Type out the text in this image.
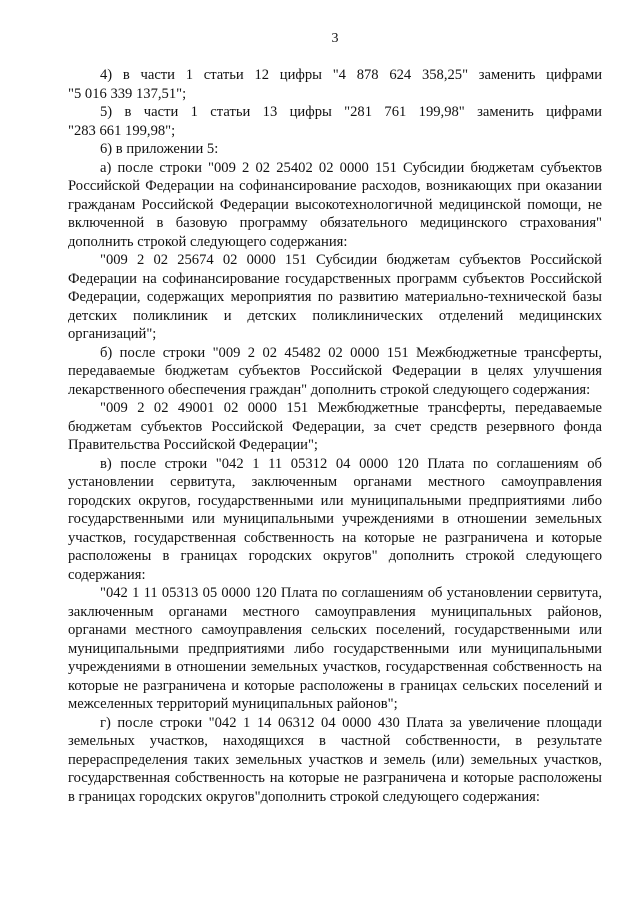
3

4) в части 1 статьи 12 цифры "4 878 624 358,25" заменить цифрами

"5 016 339 137,51";

5) в части 1 статьи 13 цифры "281 761 199,98" заменить цифрами

"283 661 199,98";

6) в приложении 5:

а) после строки "009 2 02 25402 02 0000 151 Субсидии бюджетам субъектов Российской Федерации на софинансирование расходов, возникающих при оказании гражданам Российской Федерации высокотехнологичной медицинской помощи, не включенной в базовую программу обязательного медицинского страхования" дополнить строкой следующего содержания:

"009 2 02 25674 02 0000 151 Субсидии бюджетам субъектов Российской Федерации на софинансирование государственных программ субъектов Российской Федерации, содержащих мероприятия по развитию материально-технической базы детских поликлиник и детских поликлинических отделений медицинских организаций";

б) после строки "009 2 02 45482 02 0000 151 Межбюджетные трансферты, передаваемые бюджетам субъектов Российской Федерации в целях улучшения лекарственного обеспечения граждан" дополнить строкой следующего содержания:

"009 2 02 49001 02 0000 151 Межбюджетные трансферты, передаваемые бюджетам субъектов Российской Федерации, за счет средств резервного фонда Правительства Российской Федерации";

в) после строки "042 1 11 05312 04 0000 120 Плата по соглашениям об установлении сервитута, заключенным органами местного самоуправления городских округов, государственными или муниципальными предприятиями либо государственными или муниципальными учреждениями в отношении земельных участков, государственная собственность на которые не разграничена и которые расположены в границах городских округов" дополнить строкой следующего содержания:

"042 1 11 05313 05 0000 120 Плата по соглашениям об установлении сервитута, заключенным органами местного самоуправления муниципальных районов, органами местного самоуправления сельских поселений, государственными или муниципальными предприятиями либо государственными или муниципальными учреждениями в отношении земельных участков, государственная собственность на которые не разграничена и которые расположены в границах сельских поселений и межселенных территорий муниципальных районов";

г) после строки "042 1 14 06312 04 0000 430 Плата за увеличение площади земельных участков, находящихся в частной собственности, в результате перераспределения таких земельных участков и земель (или) земельных участков, государственная собственность на которые не разграничена и которые расположены в границах городских округов"дополнить строкой следующего содержания:
